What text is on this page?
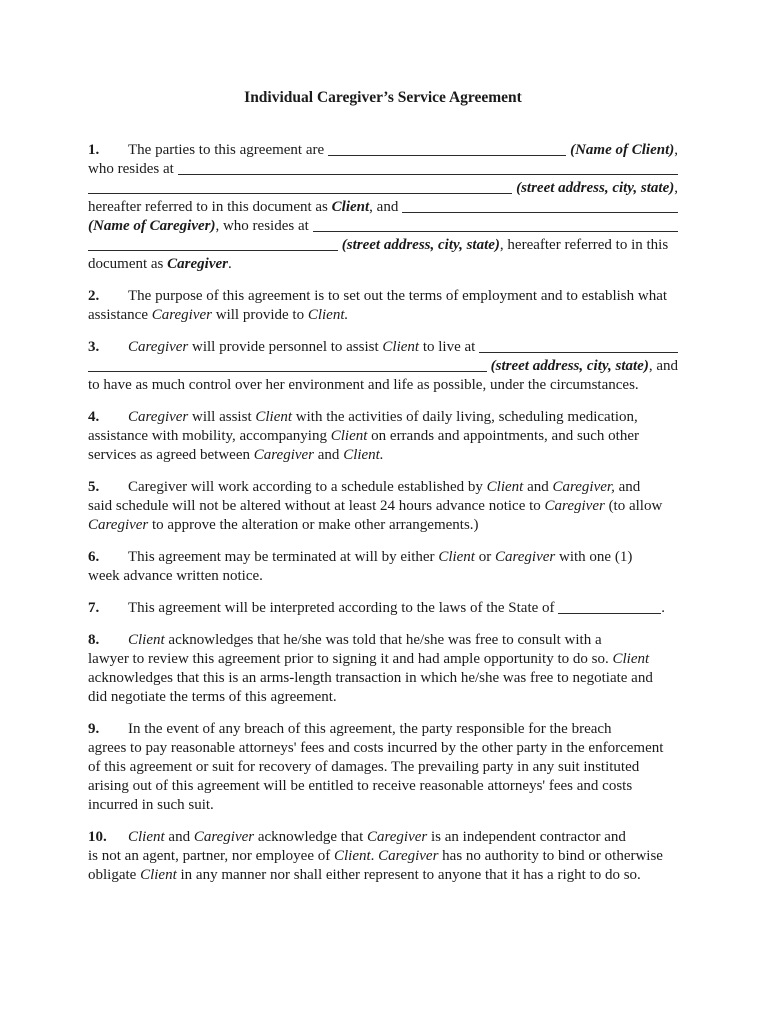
Individual Caregiver’s Service Agreement
1.	The parties to this agreement are
	(Name of Client) ,
who resides at

(street address, city, state) ,
hereafter referred to in this document as Client , and
(Name of Caregiver) , who resides at
(street address, city, state), hereafter referred to in this
document as Caregiver.
2. The purpose of this agreement is to set out the terms of employment and to establish what
assistance Caregiver will provide to Client.
3.	Caregiver will provide personnel to assist Client to live at

(street address, city, state) , and
to have as much control over her environment and life as possible, under the circumstances.
4. Caregiver will assist Client with the activities of daily living, scheduling medication,
assistance with mobility, accompanying Client on errands and appointments, and such other
services as agreed between Caregiver and Client.
5. Caregiver will work according to a schedule established by Client and Caregiver, and
said schedule will not be altered without at least 24 hours advance notice to Caregiver (to allow
Caregiver to approve the alteration or make other arrangements.)
6. This agreement may be terminated at will by either Client or Caregiver with one (1)
week advance written notice.
7. This agreement will be interpreted according to the laws of the State of	.
8. Client acknowledges that he/she was told that he/she was free to consult with a
lawyer to review this agreement prior to signing it and had ample opportunity to do so. Client
acknowledges that this is an arms-length transaction in which he/she was free to negotiate and
did negotiate the terms of this agreement.
9. In the event of any breach of this agreement, the party responsible for the breach
agrees to pay reasonable attorneys' fees and costs incurred by the other party in the enforcement
of this agreement or suit for recovery of damages. The prevailing party in any suit instituted
arising out of this agreement will be entitled to receive reasonable attorneys' fees and costs
incurred in such suit.
10. Client and Caregiver acknowledge that Caregiver is an independent contractor and
is not an agent, partner, nor employee of Client. Caregiver has no authority to bind or otherwise
obligate Client in any manner nor shall either represent to anyone that it has a right to do so.
